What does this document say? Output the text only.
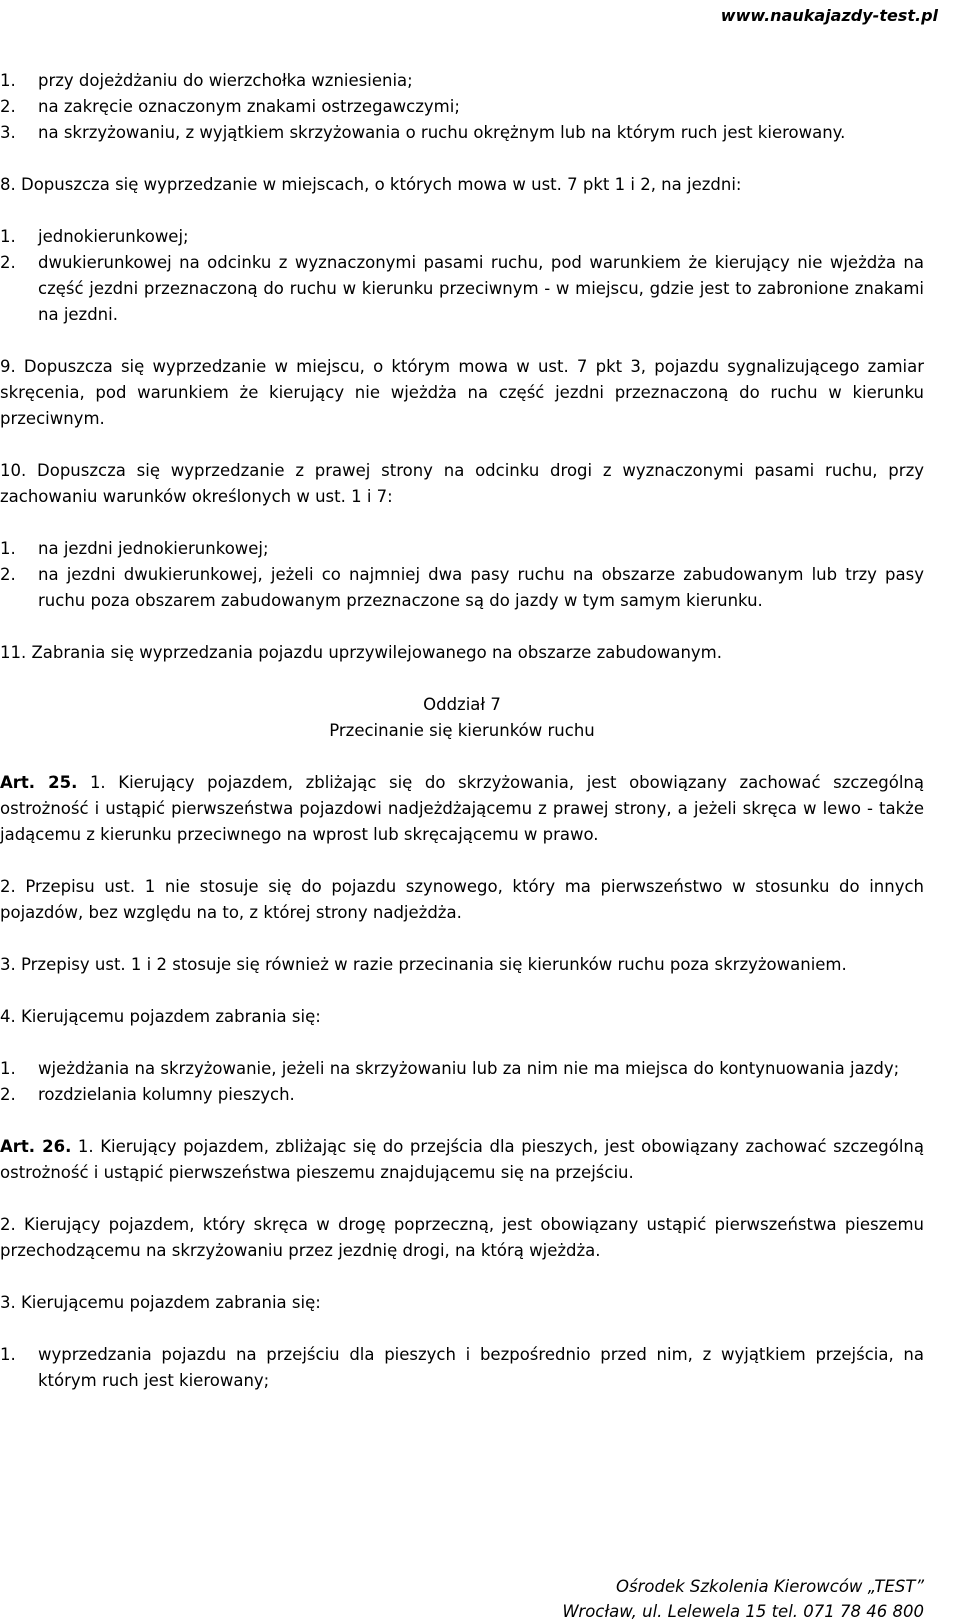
www.naukajazdy-test.pl
1.	przy dojeżdżaniu do wierzchołka wzniesienia;
2.	na zakręcie oznaczonym znakami ostrzegawczymi;
3.	na skrzyżowaniu, z wyjątkiem skrzyżowania o ruchu okrężnym lub na którym ruch jest kierowany.

8. Dopuszcza się wyprzedzanie w miejscach, o których mowa w ust. 7 pkt 1 i 2, na jezdni:

1.	jednokierunkowej;
2.	dwukierunkowej na odcinku z wyznaczonymi pasami ruchu, pod warunkiem że kierujący nie wjeżdża na część jezdni przeznaczoną do ruchu w kierunku przeciwnym - w miejscu, gdzie jest to zabronione znakami na jezdni.

9. Dopuszcza się wyprzedzanie w miejscu, o którym mowa w ust. 7 pkt 3, pojazdu sygnalizującego zamiar skręcenia, pod warunkiem że kierujący nie wjeżdża na część jezdni przeznaczoną do ruchu w kierunku przeciwnym.

10. Dopuszcza się wyprzedzanie z prawej strony na odcinku drogi z wyznaczonymi pasami ruchu, przy zachowaniu warunków określonych w ust. 1 i 7:

1.	na jezdni jednokierunkowej;
2.	na jezdni dwukierunkowej, jeżeli co najmniej dwa pasy ruchu na obszarze zabudowanym lub trzy pasy ruchu poza obszarem zabudowanym przeznaczone są do jazdy w tym samym kierunku.

11. Zabrania się wyprzedzania pojazdu uprzywilejowanego na obszarze zabudowanym.

Oddział 7
Przecinanie się kierunków ruchu

Art. 25. 1. Kierujący pojazdem, zbliżając się do skrzyżowania, jest obowiązany zachować szczególną ostrożność i ustąpić pierwszeństwa pojazdowi nadjeżdżającemu z prawej strony, a jeżeli skręca w lewo - także jadącemu z kierunku przeciwnego na wprost lub skręcającemu w prawo.

2. Przepisu ust. 1 nie stosuje się do pojazdu szynowego, który ma pierwszeństwo w stosunku do innych pojazdów, bez względu na to, z której strony nadjeżdża.

3. Przepisy ust. 1 i 2 stosuje się również w razie przecinania się kierunków ruchu poza skrzyżowaniem.

4. Kierującemu pojazdem zabrania się:

1.	wjeżdżania na skrzyżowanie, jeżeli na skrzyżowaniu lub za nim nie ma miejsca do kontynuowania jazdy;
2.	rozdzielania kolumny pieszych.

Art. 26. 1. Kierujący pojazdem, zbliżając się do przejścia dla pieszych, jest obowiązany zachować szczególną ostrożność i ustąpić pierwszeństwa pieszemu znajdującemu się na przejściu.

2. Kierujący pojazdem, który skręca w drogę poprzeczną, jest obowiązany ustąpić pierwszeństwa pieszemu przechodzącemu na skrzyżowaniu przez jezdnię drogi, na którą wjeżdża.

3. Kierującemu pojazdem zabrania się:

1.	wyprzedzania pojazdu na przejściu dla pieszych i bezpośrednio przed nim, z wyjątkiem przejścia, na którym ruch jest kierowany;
Ośrodek Szkolenia Kierowców „TEST”
Wrocław, ul. Lelewela 15 tel. 071 78 46 800
